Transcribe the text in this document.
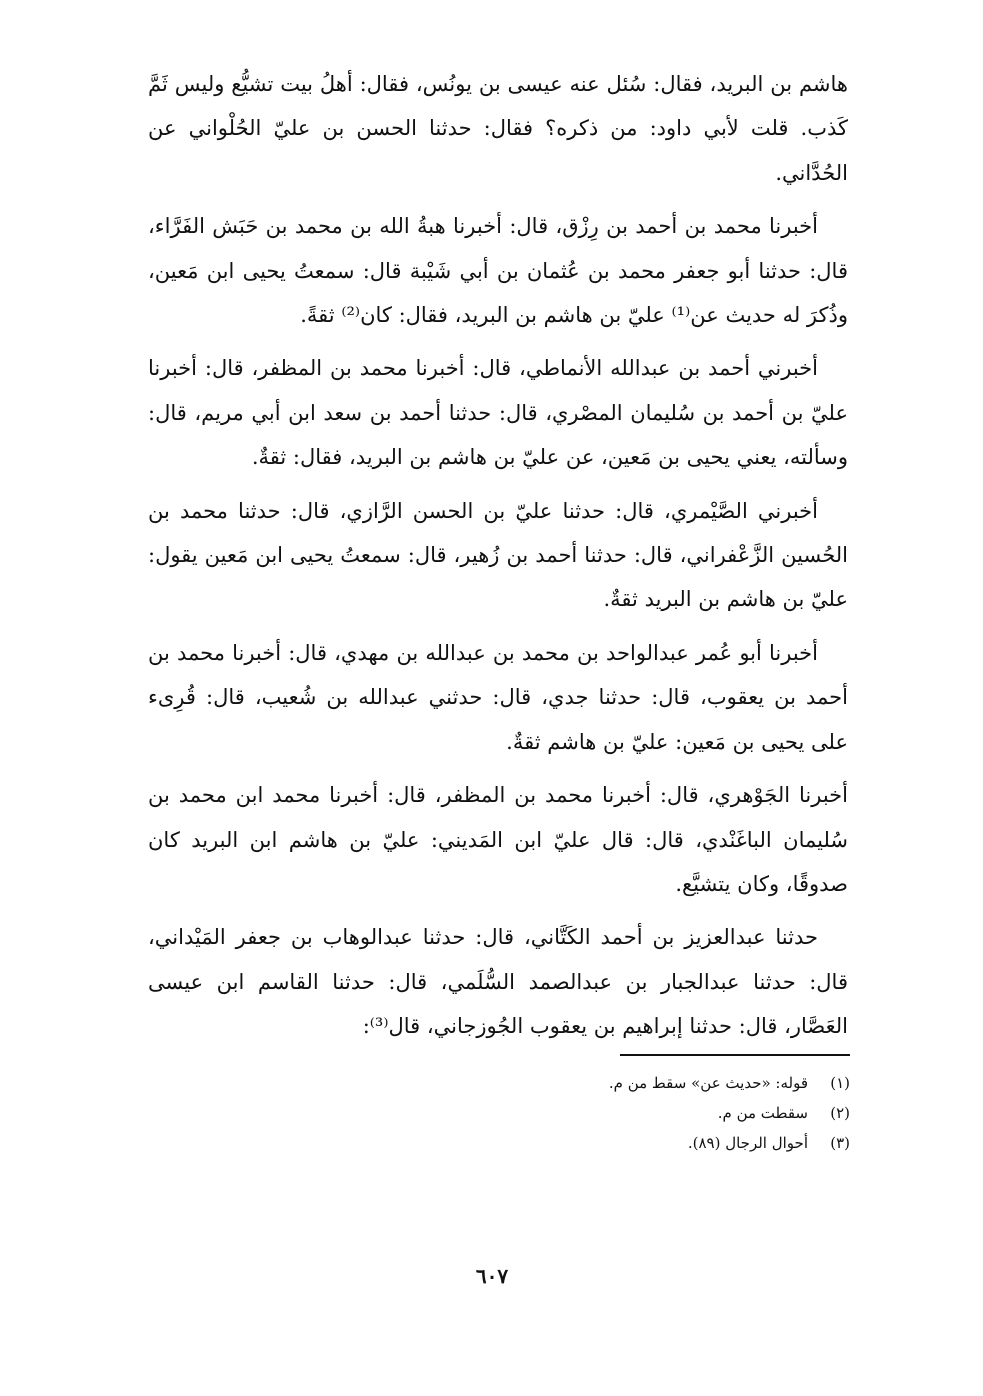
هاشم بن البريد، فقال: سُئل عنه عيسى بن يونُس، فقال: أهلُ بيت تشيُّع وليس ثَمَّ كَذب. قلت لأبي داود: من ذكره؟ فقال: حدثنا الحسن بن عليّ الحُلْواني عن الحُدَّاني.

أخبرنا محمد بن أحمد بن رِزْق، قال: أخبرنا هبةُ الله بن محمد بن حَبَش الفَرَّاء، قال: حدثنا أبو جعفر محمد بن عُثمان بن أبي شَيْبة قال: سمعتُ يحيى ابن مَعين، وذُكرَ له حديث عن⁽¹⁾ عليّ بن هاشم بن البريد، فقال: كان⁽²⁾ ثقةً.

أخبرني أحمد بن عبدالله الأنماطي، قال: أخبرنا محمد بن المظفر، قال: أخبرنا عليّ بن أحمد بن سُليمان المصْري، قال: حدثنا أحمد بن سعد ابن أبي مريم، قال: وسألته، يعني يحيى بن مَعين، عن عليّ بن هاشم بن البريد، فقال: ثقةٌ.

أخبرني الصَّيْمري، قال: حدثنا عليّ بن الحسن الرَّازي، قال: حدثنا محمد بن الحُسين الزَّعْفراني، قال: حدثنا أحمد بن زُهير، قال: سمعتُ يحيى ابن مَعين يقول: عليّ بن هاشم بن البريد ثقةٌ.

أخبرنا أبو عُمر عبدالواحد بن محمد بن عبدالله بن مهدي، قال: أخبرنا محمد بن أحمد بن يعقوب، قال: حدثنا جدي، قال: حدثني عبدالله بن شُعيب، قال: قُرِىء على يحيى بن مَعين: عليّ بن هاشم ثقةٌ.

أخبرنا الجَوْهري، قال: أخبرنا محمد بن المظفر، قال: أخبرنا محمد ابن محمد بن سُليمان الباغَنْدي، قال: قال عليّ ابن المَديني: عليّ بن هاشم ابن البريد كان صدوقًا، وكان يتشيَّع.

حدثنا عبدالعزيز بن أحمد الكَتَّاني، قال: حدثنا عبدالوهاب بن جعفر المَيْداني، قال: حدثنا عبدالجبار بن عبدالصمد السُّلَمي، قال: حدثنا القاسم ابن عيسى العَصَّار، قال: حدثنا إبراهيم بن يعقوب الجُوزجاني، قال⁽³⁾:

(١)
قوله: «حديث عن» سقط من م.
(٢)
سقطت من م.
(٣)
أحوال الرجال (٨٩).
٦٠٧
